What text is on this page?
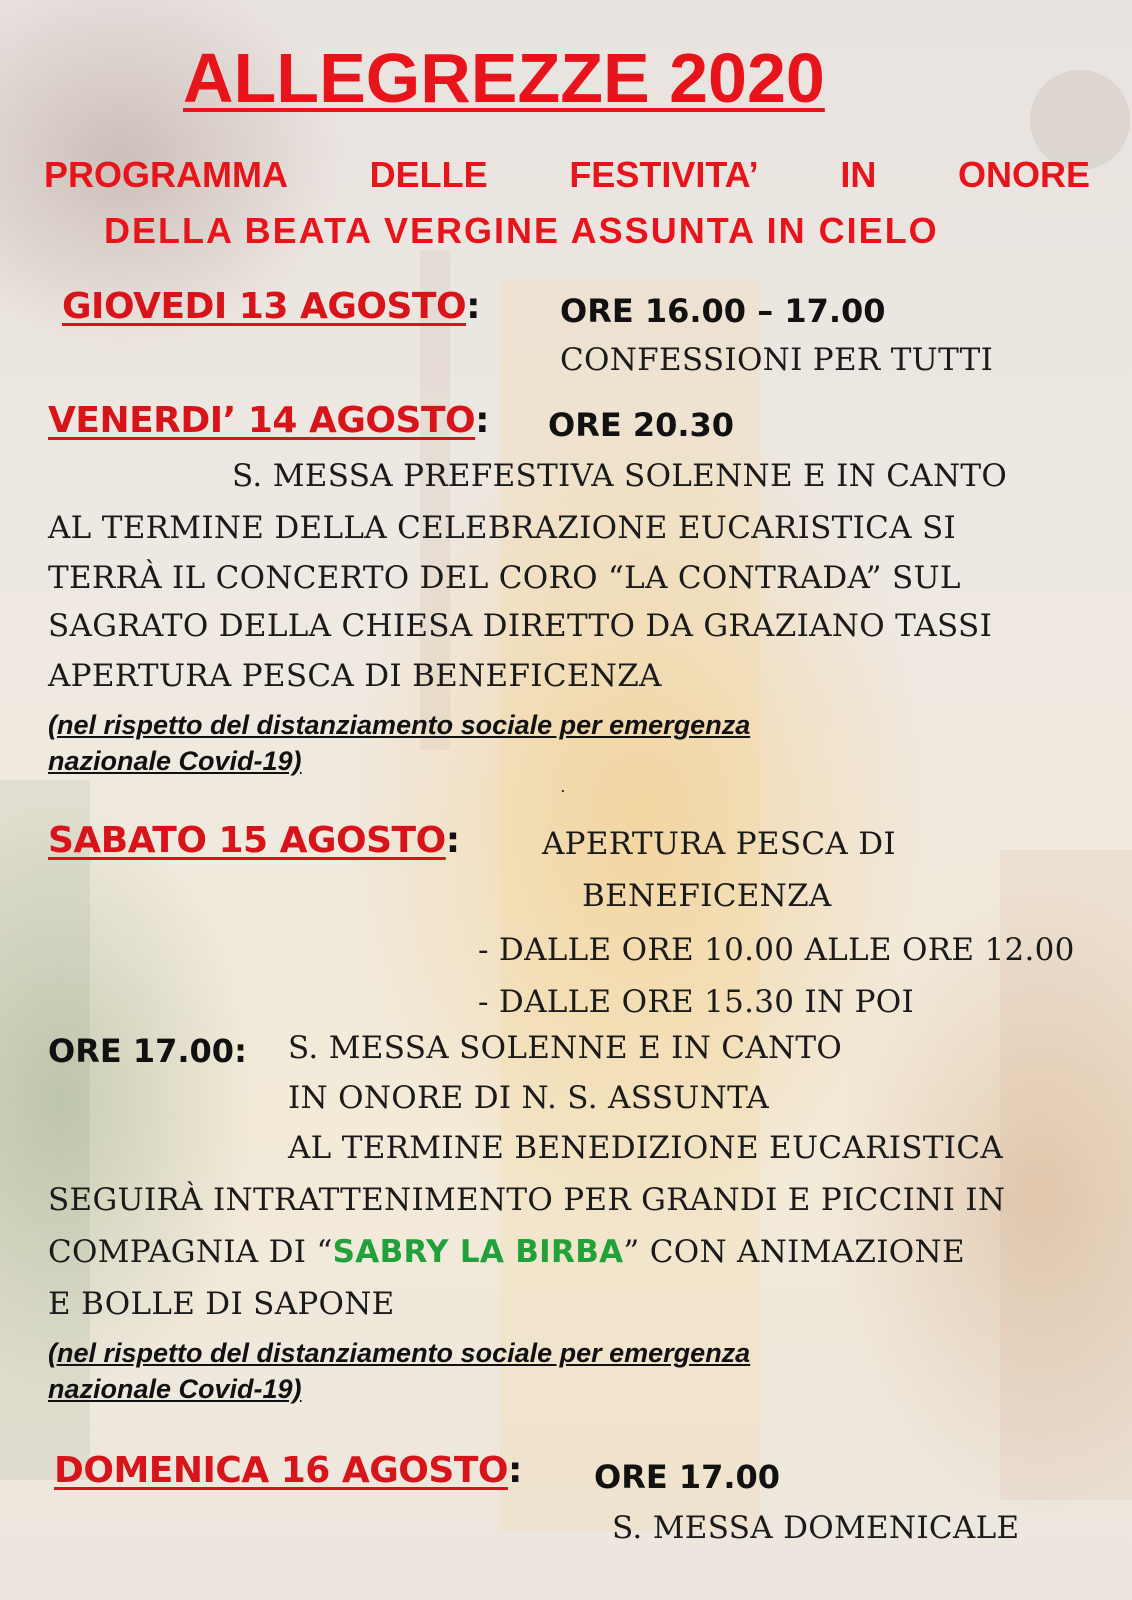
ALLEGREZZE 2020
PROGRAMMA DELLE FESTIVITA’ IN ONORE
DELLA BEATA VERGINE ASSUNTA IN CIELO
GIOVEDI 13 AGOSTO: ORE 16.00 – 17.00
CONFESSIONI PER TUTTI
VENERDI’ 14 AGOSTO: ORE 20.30
S. MESSA PREFESTIVA SOLENNE E IN CANTO
AL TERMINE DELLA CELEBRAZIONE EUCARISTICA SI
TERRÀ IL CONCERTO DEL CORO “LA CONTRADA” SUL
SAGRATO DELLA CHIESA DIRETTO DA GRAZIANO TASSI
APERTURA PESCA DI BENEFICENZA
(nel rispetto del distanziamento sociale per emergenza
nazionale Covid-19)
.
SABATO 15 AGOSTO:	APERTURA PESCA DI
BENEFICENZA
- DALLE ORE 10.00 ALLE ORE 12.00
- DALLE ORE 15.30 IN POI
ORE 17.00: S. MESSA SOLENNE E IN CANTO
IN ONORE DI N. S. ASSUNTA
AL TERMINE BENEDIZIONE EUCARISTICA
SEGUIRÀ INTRATTENIMENTO PER GRANDI E PICCINI IN
COMPAGNIA DI “SABRY LA BIRBA” CON ANIMAZIONE
E BOLLE DI SAPONE
(nel rispetto del distanziamento sociale per emergenza
nazionale Covid-19)
DOMENICA 16 AGOSTO: ORE 17.00
S. MESSA DOMENICALE
